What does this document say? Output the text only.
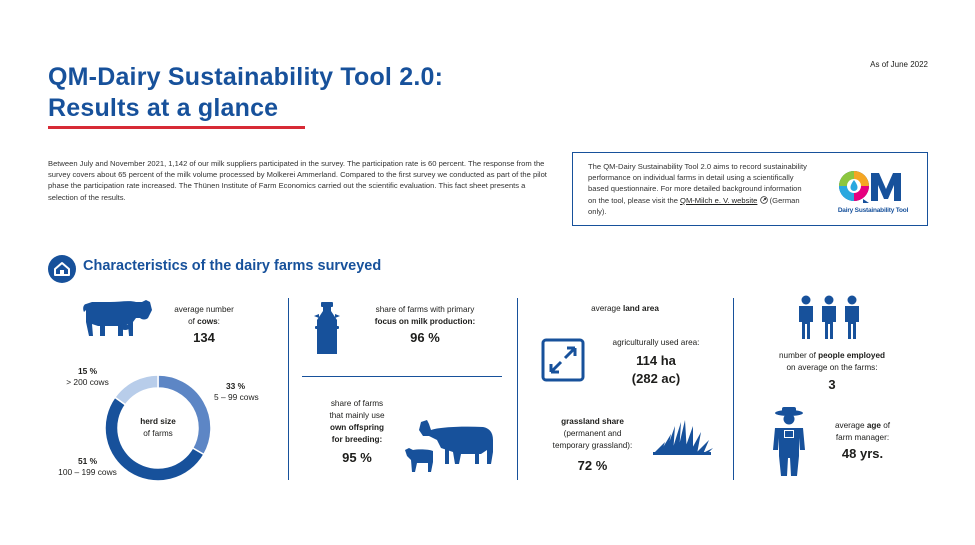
QM-Dairy Sustainability Tool 2.0:
Results at a glance
As of June 2022
Between July and November 2021, 1,142 of our milk suppliers participated in the survey. The participation rate is 60 percent. The response from the survey covers about 65 percent of the milk volume processed by Molkerei Ammerland. Compared to the first survey we conducted as part of the pilot phase the participation rate increased. The Thünen Institute of Farm Economics carried out the scientific evaluation. This fact sheet presents a selection of the results.
The QM-Dairy Sustainability Tool 2.0 aims to record sustainability performance on individual farms in detail using a scientifically based questionnaire. For more detailed background information on the tool, please visit the QM-Milch e. V. website  (German only).	Dairy Sustainability Tool
Characteristics of the dairy farms surveyed
average number
of cows:
134
herd size
of farms
33 %
5 – 99 cows
51 %
100 – 199 cows
15 %
> 200 cows
share of farms with primary
focus on milk production:
96 %
share of farms
that mainly use
own offspring
for breeding:
95 %
average land area
agriculturally used area:
114 ha
(282 ac)
grassland share
(permanent and
temporary grassland):
72 %
number of people employed
on average on the farms:
3
average age of
farm manager:
48 yrs.
